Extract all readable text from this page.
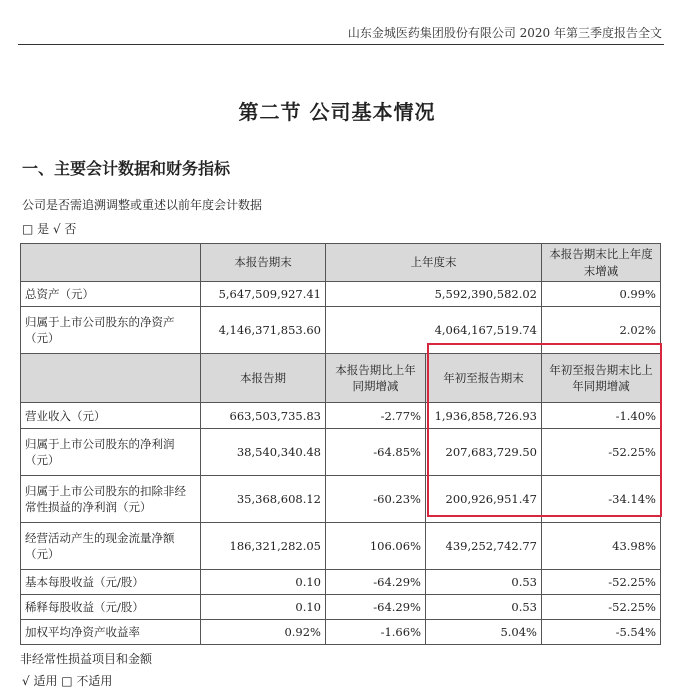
山东金城医药集团股份有限公司 2020 年第三季度报告全文
第二节 公司基本情况
一、主要会计数据和财务指标
公司是否需追溯调整或重述以前年度会计数据
□ 是 √ 否
	本报告期末	上年度末		本报告期末比上年度末增减
总资产（元）	5,647,509,927.41	5,592,390,582.02		0.99%
归属于上市公司股东的净资产（元）	4,146,371,853.60	4,064,167,519.74		2.02%
	本报告期	本报告期比上年同期增减	年初至报告期末	年初至报告期末比上年同期增减
营业收入（元）	663,503,735.83	-2.77%	1,936,858,726.93	-1.40%
归属于上市公司股东的净利润（元）	38,540,340.48	-64.85%	207,683,729.50	-52.25%
归属于上市公司股东的扣除非经常性损益的净利润（元）	35,368,608.12	-60.23%	200,926,951.47	-34.14%
经营活动产生的现金流量净额（元）	186,321,282.05	106.06%	439,252,742.77	43.98%
基本每股收益（元/股）	0.10	-64.29%	0.53	-52.25%
稀释每股收益（元/股）	0.10	-64.29%	0.53	-52.25%
加权平均净资产收益率	0.92%	-1.66%	5.04%	-5.54%
非经常性损益项目和金额
√ 适用 □ 不适用
